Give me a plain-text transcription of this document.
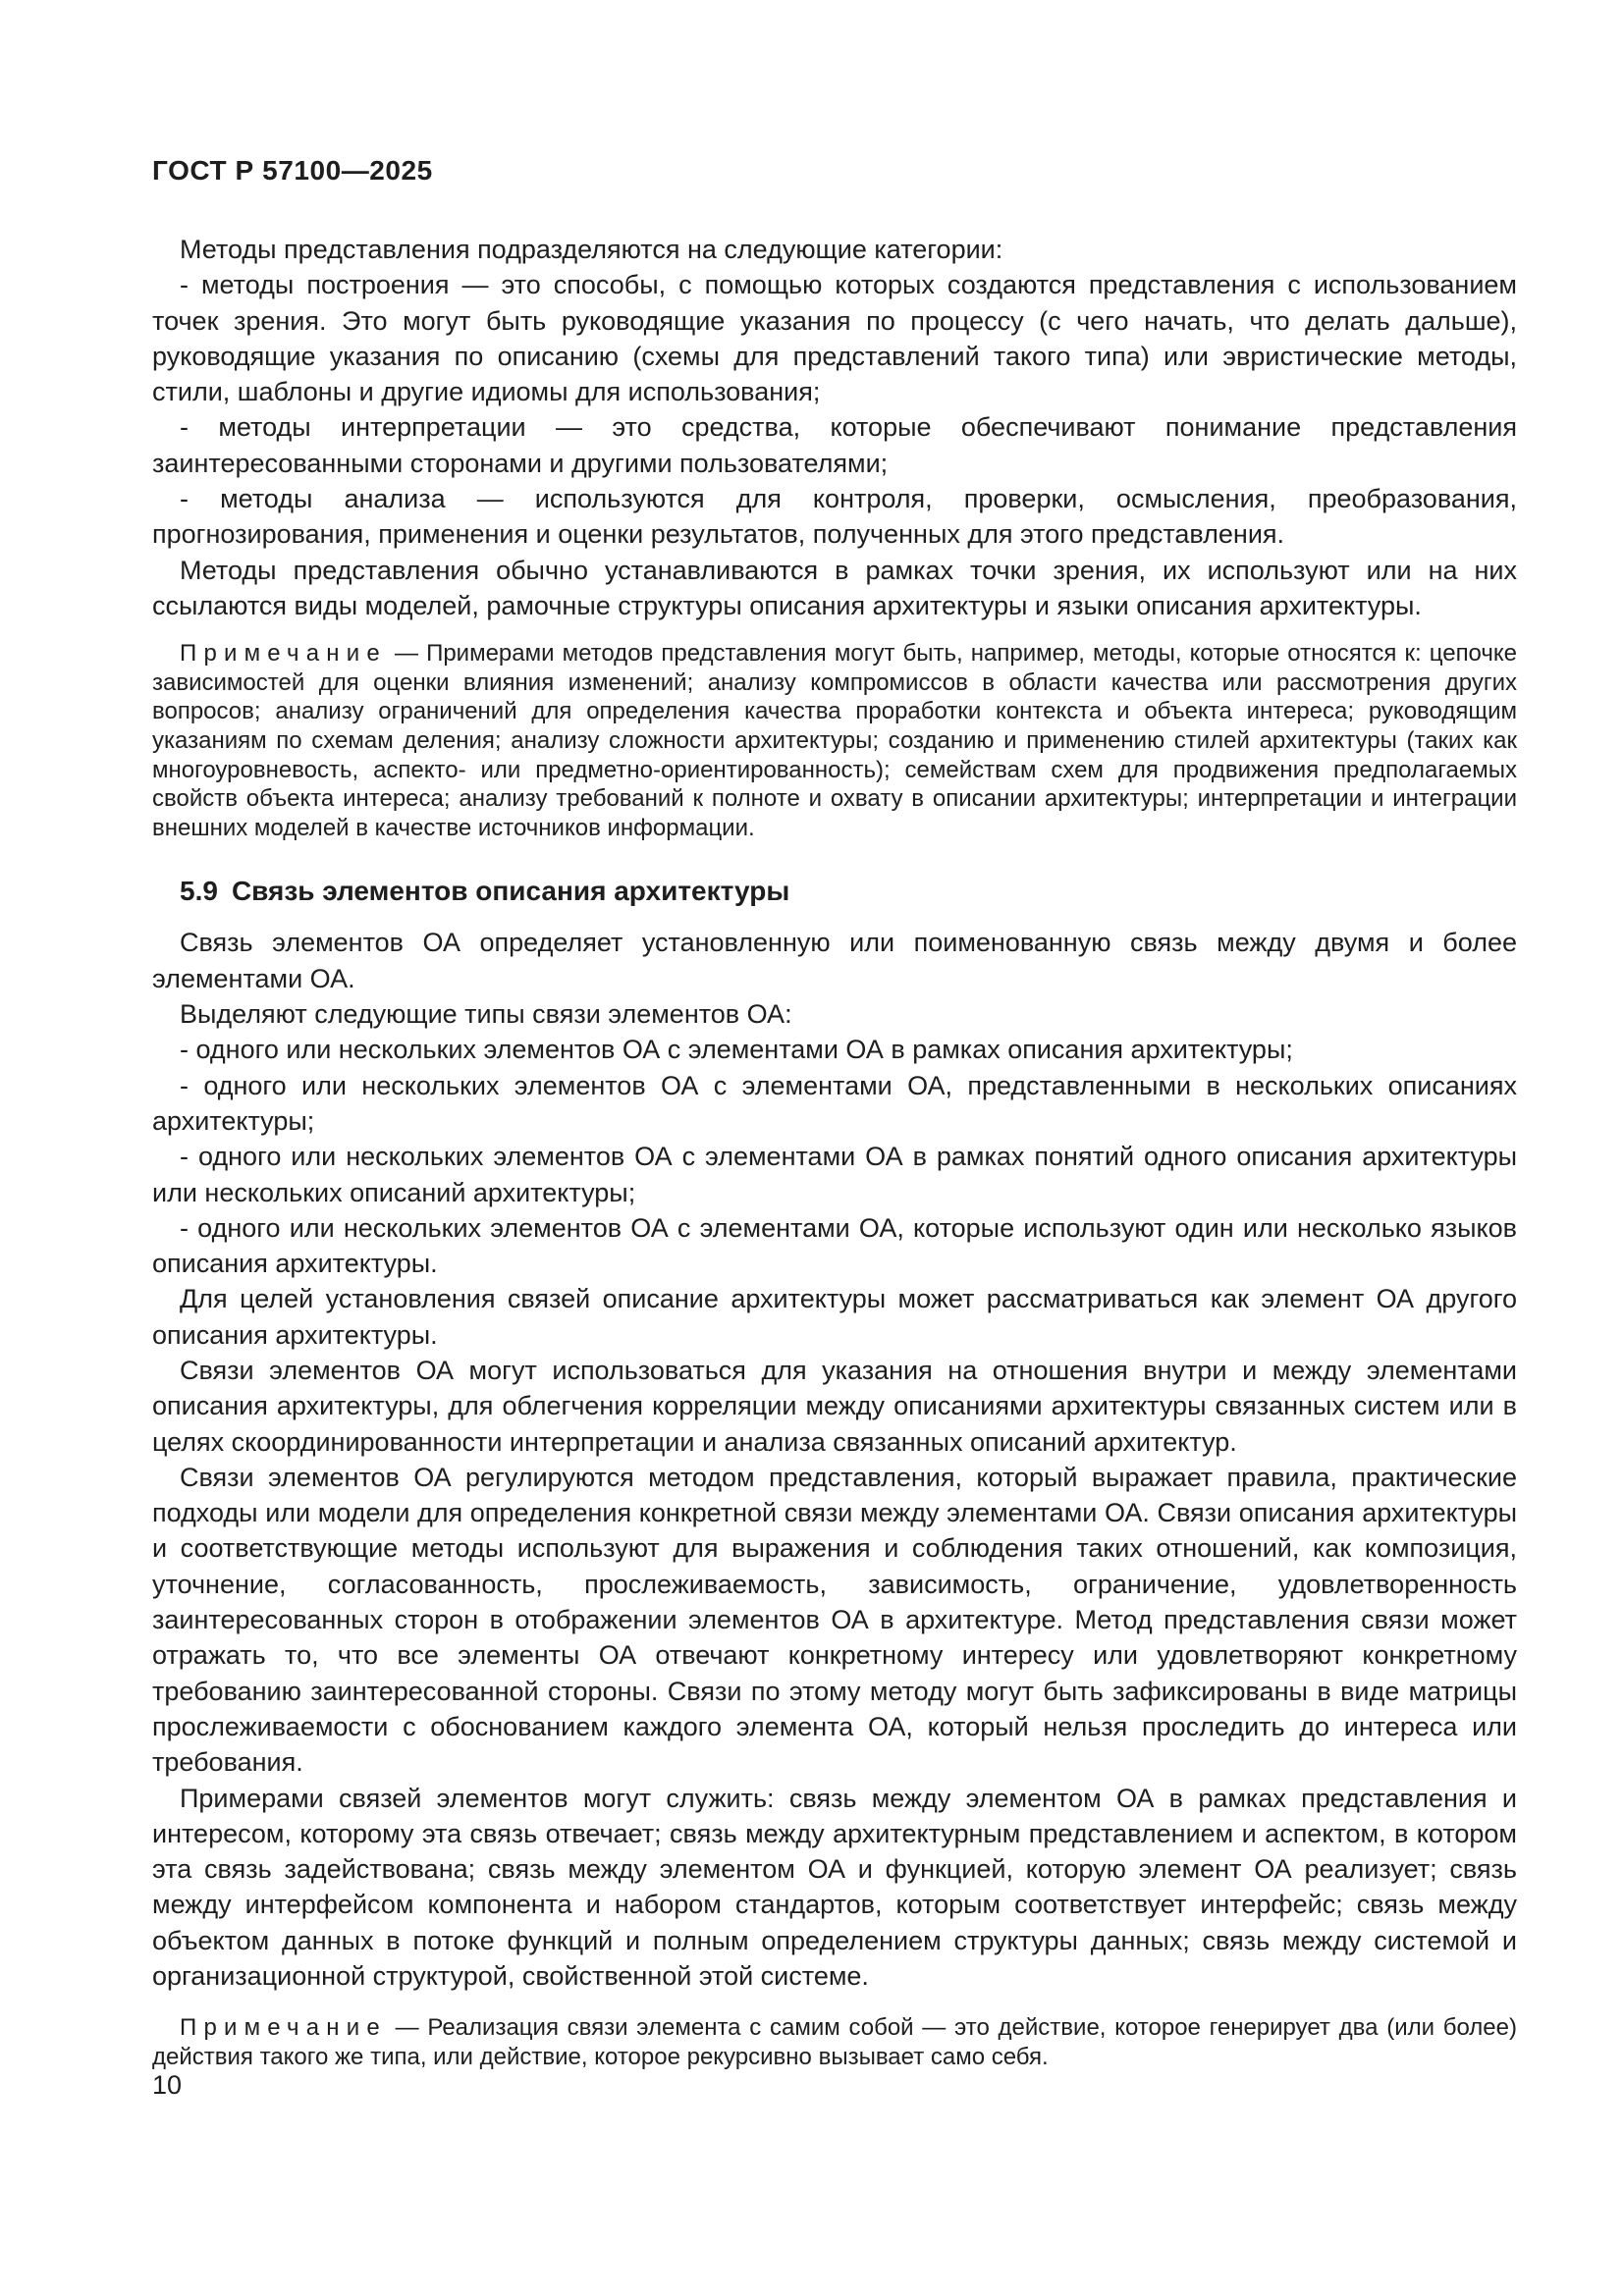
ГОСТ Р 57100—2025

Методы представления подразделяются на следующие категории:

- методы построения — это способы, с помощью которых создаются представления с использованием точек зрения. Это могут быть руководящие указания по процессу (с чего начать, что делать дальше), руководящие указания по описанию (схемы для представлений такого типа) или эвристические методы, стили, шаблоны и другие идиомы для использования;

- методы интерпретации — это средства, которые обеспечивают понимание представления заинтересованными сторонами и другими пользователями;

- методы анализа — используются для контроля, проверки, осмысления, преобразования, прогнозирования, применения и оценки результатов, полученных для этого представления.

Методы представления обычно устанавливаются в рамках точки зрения, их используют или на них ссылаются виды моделей, рамочные структуры описания архитектуры и языки описания архитектуры.

Примечание — Примерами методов представления могут быть, например, методы, которые относятся к: цепочке зависимостей для оценки влияния изменений; анализу компромиссов в области качества или рассмотрения других вопросов; анализу ограничений для определения качества проработки контекста и объекта интереса; руководящим указаниям по схемам деления; анализу сложности архитектуры; созданию и применению стилей архитектуры (таких как многоуровневость, аспекто- или предметно-ориентированность); семействам схем для продвижения предполагаемых свойств объекта интереса; анализу требований к полноте и охвату в описании архитектуры; интерпретации и интеграции внешних моделей в качестве источников информации.

5.9 Связь элементов описания архитектуры

Связь элементов ОА определяет установленную или поименованную связь между двумя и более элементами ОА.

Выделяют следующие типы связи элементов ОА:

- одного или нескольких элементов ОА с элементами ОА в рамках описания архитектуры;

- одного или нескольких элементов ОА с элементами ОА, представленными в нескольких описаниях архитектуры;

- одного или нескольких элементов ОА с элементами ОА в рамках понятий одного описания архитектуры или нескольких описаний архитектуры;

- одного или нескольких элементов ОА с элементами ОА, которые используют один или несколько языков описания архитектуры.

Для целей установления связей описание архитектуры может рассматриваться как элемент ОА другого описания архитектуры.

Связи элементов ОА могут использоваться для указания на отношения внутри и между элементами описания архитектуры, для облегчения корреляции между описаниями архитектуры связанных систем или в целях скоординированности интерпретации и анализа связанных описаний архитектур.

Связи элементов ОА регулируются методом представления, который выражает правила, практические подходы или модели для определения конкретной связи между элементами ОА. Связи описания архитектуры и соответствующие методы используют для выражения и соблюдения таких отношений, как композиция, уточнение, согласованность, прослеживаемость, зависимость, ограничение, удовлетворенность заинтересованных сторон в отображении элементов ОА в архитектуре. Метод представления связи может отражать то, что все элементы ОА отвечают конкретному интересу или удовлетворяют конкретному требованию заинтересованной стороны. Связи по этому методу могут быть зафиксированы в виде матрицы прослеживаемости с обоснованием каждого элемента ОА, который нельзя проследить до интереса или требования.

Примерами связей элементов могут служить: связь между элементом ОА в рамках представления и интересом, которому эта связь отвечает; связь между архитектурным представлением и аспектом, в котором эта связь задействована; связь между элементом ОА и функцией, которую элемент ОА реализует; связь между интерфейсом компонента и набором стандартов, которым соответствует интерфейс; связь между объектом данных в потоке функций и полным определением структуры данных; связь между системой и организационной структурой, свойственной этой системе.

Примечание — Реализация связи элемента с самим собой — это действие, которое генерирует два (или более) действия такого же типа, или действие, которое рекурсивно вызывает само себя.

10
